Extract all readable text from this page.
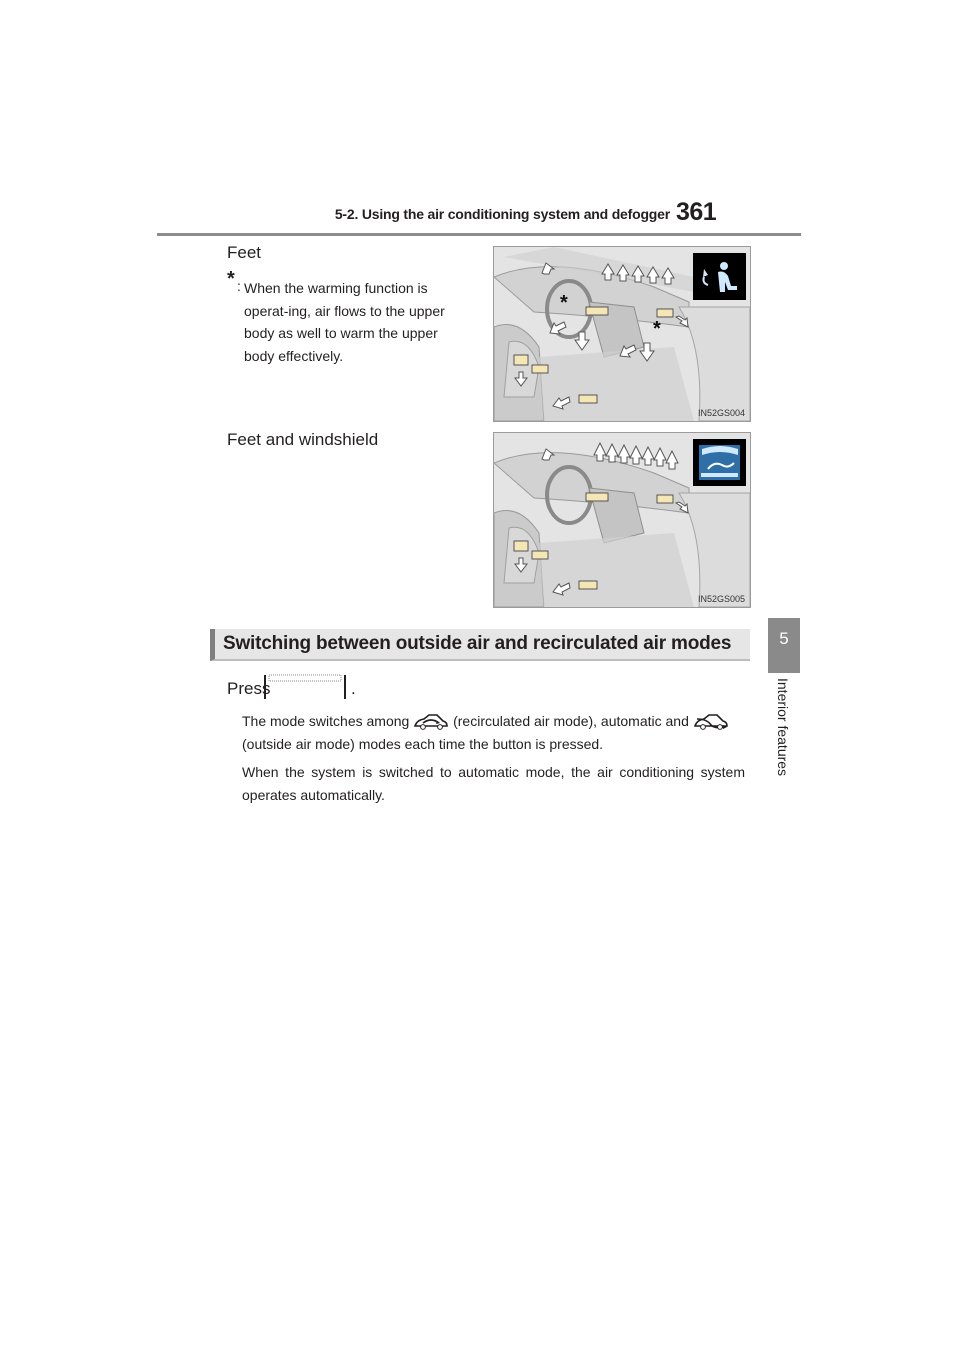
5-2. Using the air conditioning system and defogger 361
5
Interior features
Feet
* : When the warming function is operat-ing, air flows to the upper body as well to warm the upper body effectively.
*
*
IN52GS004
Feet and windshield
IN52GS005
Switching between outside air and recirculated air modes
Press	.
The mode switches among	(recirculated air mode), automatic and
(outside air mode) modes each time the button is pressed.
When the system is switched to automatic mode, the air conditioning system operates automatically.
